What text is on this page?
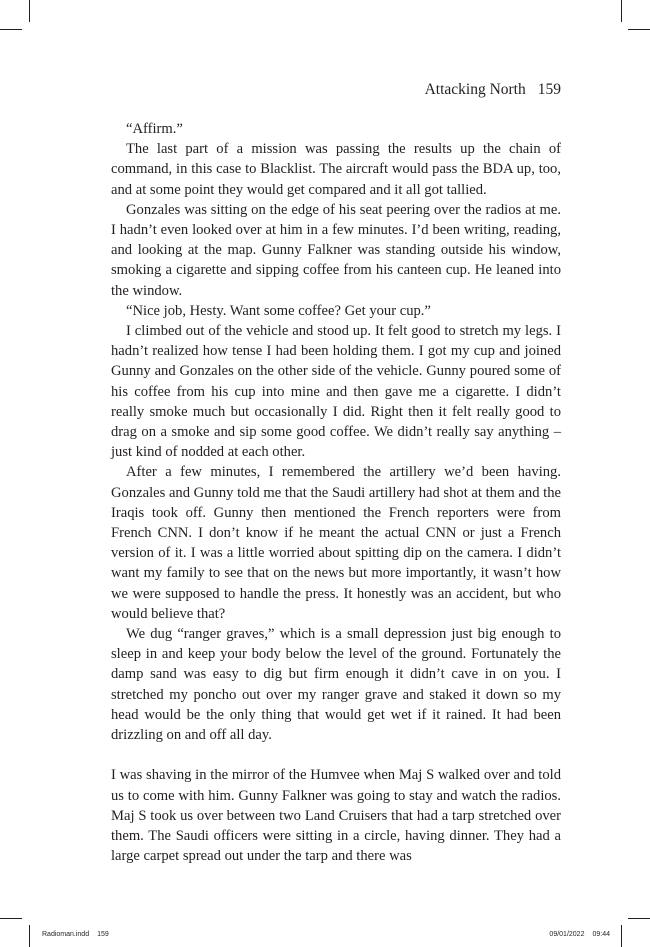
Attacking North 159

“Affirm.”

The last part of a mission was passing the results up the chain of command, in this case to Blacklist. The aircraft would pass the BDA up, too, and at some point they would get compared and it all got tallied.

Gonzales was sitting on the edge of his seat peering over the radios at me. I hadn’t even looked over at him in a few minutes. I’d been writing, reading, and looking at the map. Gunny Falkner was standing outside his window, smoking a cigarette and sipping coffee from his canteen cup. He leaned into the window.

“Nice job, Hesty. Want some coffee? Get your cup.”

I climbed out of the vehicle and stood up. It felt good to stretch my legs. I hadn’t realized how tense I had been holding them. I got my cup and joined Gunny and Gonzales on the other side of the vehicle. Gunny poured some of his coffee from his cup into mine and then gave me a cigarette. I didn’t really smoke much but occasionally I did. Right then it felt really good to drag on a smoke and sip some good coffee. We didn’t really say anything – just kind of nodded at each other.

After a few minutes, I remembered the artillery we’d been having. Gonzales and Gunny told me that the Saudi artillery had shot at them and the Iraqis took off. Gunny then mentioned the French reporters were from French CNN. I don’t know if he meant the actual CNN or just a French version of it. I was a little worried about spitting dip on the camera. I didn’t want my family to see that on the news but more importantly, it wasn’t how we were supposed to handle the press. It honestly was an accident, but who would believe that?

We dug “ranger graves,” which is a small depression just big enough to sleep in and keep your body below the level of the ground. Fortunately the damp sand was easy to dig but firm enough it didn’t cave in on you. I stretched my poncho out over my ranger grave and staked it down so my head would be the only thing that would get wet if it rained. It had been drizzling on and off all day.

I was shaving in the mirror of the Humvee when Maj S walked over and told us to come with him. Gunny Falkner was going to stay and watch the radios. Maj S took us over between two Land Cruisers that had a tarp stretched over them. The Saudi officers were sitting in a circle, having dinner. They had a large carpet spread out under the tarp and there was

Radioman.indd 159	09/01/2022 09:44
